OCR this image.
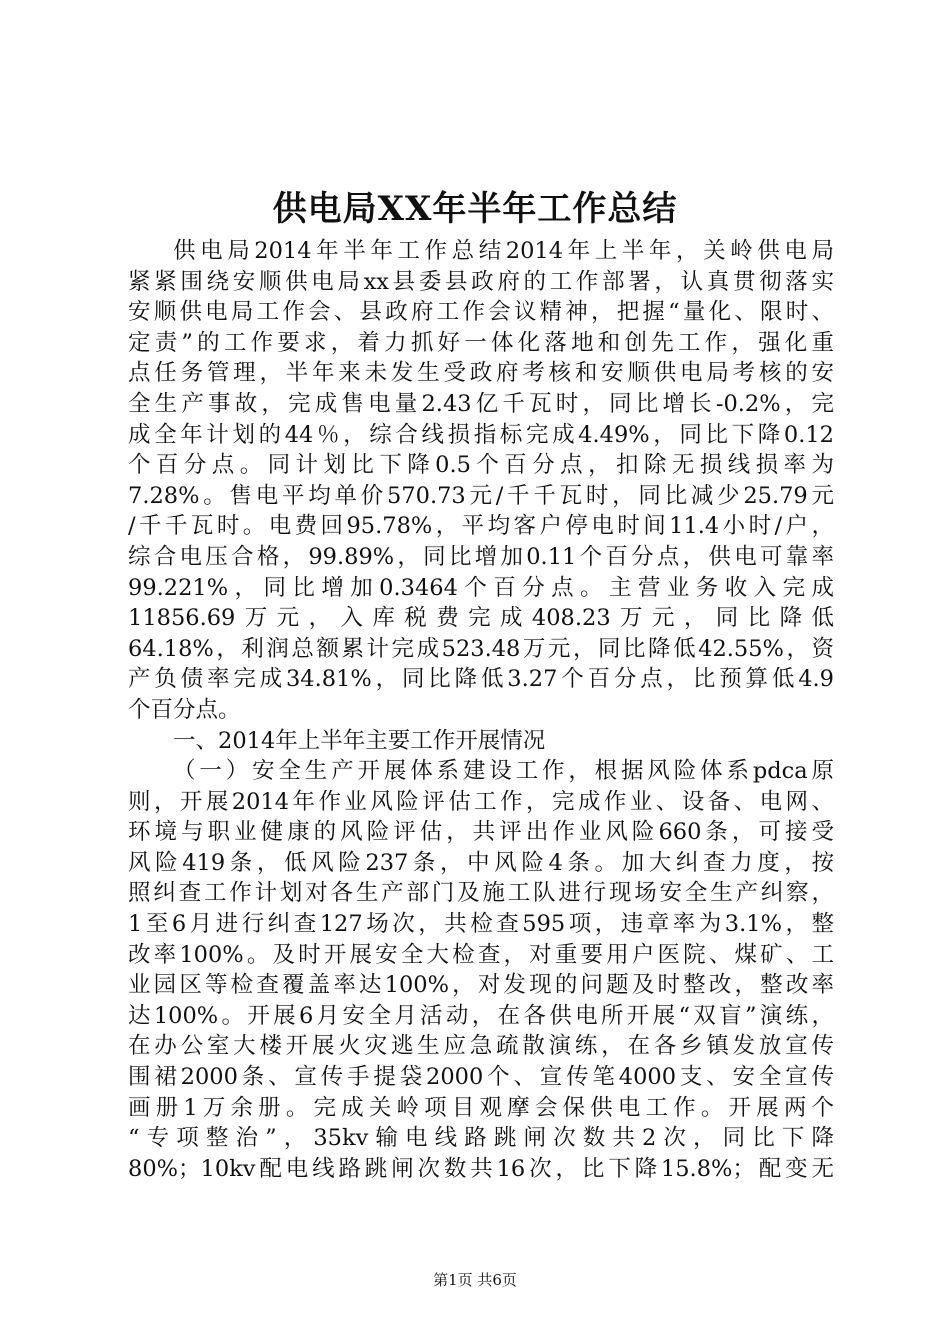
供电局XX年半年工作总结
供电局2014年半年工作总结2014年上半年，关岭供电局
紧紧围绕安顺供电局xx县委县政府的工作部署，认真贯彻落实
安顺供电局工作会、县政府工作会议精神，把握“量化、限时、
定责”的工作要求，着力抓好一体化落地和创先工作，强化重
点任务管理，半年来未发生受政府考核和安顺供电局考核的安
全生产事故，完成售电量2.43亿千瓦时，同比增长-0.2%，完
成全年计划的44％，综合线损指标完成4.49%，同比下降0.12
个百分点。同计划比下降0.5个百分点，扣除无损线损率为
7.28%。售电平均单价570.73元/千千瓦时，同比减少25.79元
/千千瓦时。电费回95.78%，平均客户停电时间11.4小时/户，
综合电压合格，99.89%，同比增加0.11个百分点，供电可靠率
99.221%，同比增加0.3464个百分点。主营业务收入完成
11856.69万元，入库税费完成408.23万元，同比降低
64.18%，利润总额累计完成523.48万元，同比降低42.55%，资
产负债率完成34.81%，同比降低3.27个百分点，比预算低4.9
个百分点。
一、2014年上半年主要工作开展情况
（一）安全生产开展体系建设工作，根据风险体系pdca原
则，开展2014年作业风险评估工作，完成作业、设备、电网、
环境与职业健康的风险评估，共评出作业风险660条，可接受
风险419条，低风险237条，中风险4条。加大纠查力度，按
照纠查工作计划对各生产部门及施工队进行现场安全生产纠察，
1至6月进行纠查127场次，共检查595项，违章率为3.1%，整
改率100%。及时开展安全大检查，对重要用户医院、煤矿、工
业园区等检查覆盖率达100%，对发现的问题及时整改，整改率
达100%。开展6月安全月活动，在各供电所开展“双盲”演练，
在办公室大楼开展火灾逃生应急疏散演练，在各乡镇发放宣传
围裙2000条、宣传手提袋2000个、宣传笔4000支、安全宣传
画册1万余册。完成关岭项目观摩会保供电工作。开展两个
“专项整治”，35kv输电线路跳闸次数共2次，同比下降
80%；10kv配电线路跳闸次数共16次，比下降15.8%；配变无
第1页 共6页
